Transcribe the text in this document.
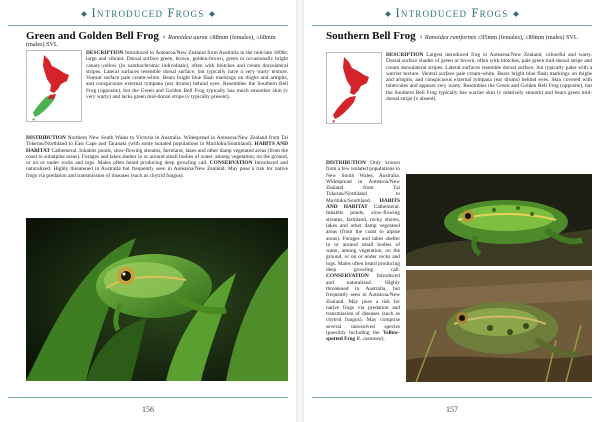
Introduced Frogs
Green and Golden Bell Frog ♀ Ranoidea aurea ≤88mm (females), ≤68mm (males) SVL
DESCRIPTION Introduced to Aotearoa/New Zealand from Australia in the mid-late 1800s; large and vibrant. Dorsal surface green, brown, golden-brown, green or occasionally bright canary-yellow (in xanthochromic individuals), often with blotches and cream dorsolateral stripes. Lateral surfaces resemble dorsal surface, but typically have a very warty texture. Ventral surface pale cream-white. Bears bright blue flash markings on thighs and armpits, and conspicuous external tympana (ear drums) behind eyes. Resembles the Southern Bell Frog (opposite), but the Green and Golden Bell Frog typically has much smoother skin (v very warty) and lacks green mid-dorsal stripe (v typically present).
DISTRIBUTION Northern New South Wales to Victoria in Australia. Widespread in Aotearoa/New Zealand from Tai Tokerau/Northland to East Cape and Taranaki (with some isolated populations in Murihiku/Southland). HABITS AND HABITAT Cathemeral. Inhabits ponds, slow-flowing streams, farmland, lakes and other damp vegetated areas (from the coast to subalpine areas). Forages and takes shelter in or around small bodies of water, among vegetation, on the ground, or on or under rocks and logs. Males often heard producing deep growling call. CONSERVATION Introduced and naturalized. Highly threatened in Australia but frequently seen in Aotearoa/New Zealand. May pose a risk for native frogs via predation and transmission of diseases (such as chytrid fungus).
156
Introduced Frogs
Southern Bell Frog ♀ Ranoidea raniformis ≤95mm (females), ≤80mm (males) SVL
DESCRIPTION Largest introduced frog in Aotearoa/New Zealand, colourful and warty. Dorsal surface shades of green or brown, often with blotches, pale green mid-dorsal stripe and cream dorsolateral stripes. Lateral surfaces resemble dorsal surface, but typically paler with a warrier texture. Ventral surface pale cream-white. Bears bright blue flash markings on thighs and armpits, and conspicuous external tympana (ear drums) behind eyes. Skin covered with tubercules and appears very warty. Resembles the Green and Golden Bell Frog (opposite), but the Southern Bell Frog typically has warrier skin (v relatively smooth) and bears green mid-dorsal stripe (v absent).
DISTRIBUTION Only known from a few isolated populations in New South Wales, Australia. Widespread in Aotearoa/New Zealand from Tai Tokerau/Northland to Murihiku/Southland. HABITS AND HABITAT Cathemeral. Inhabits ponds, slow-flowing streams, farmland, rocky shores, lakes and other damp vegetated areas (from the coast to alpine areas). Forages and takes shelter in or around small bodies of water, among vegetation, on the ground, or on or under rocks and logs. Males often heard producing deep growling call. CONSERVATION Introduced and naturalized. Highly threatened in Australia, but frequently seen in Aotearoa/New Zealand. May pose a risk for native frogs via predation and transmission of diseases (such as chytrid fungus). May comprise several unresolved species (possibly including the Yellow-spotted Frog R. castanea).
157
